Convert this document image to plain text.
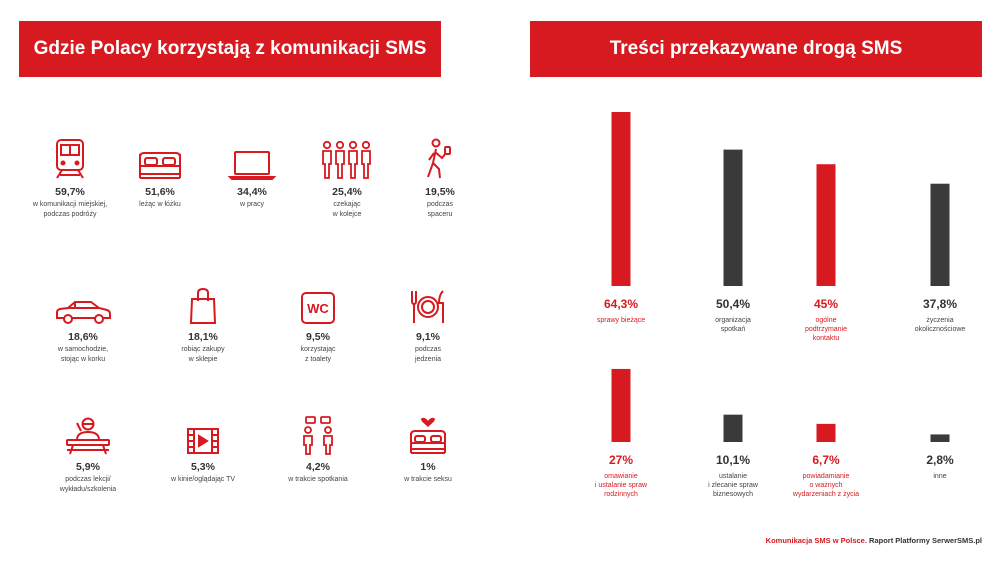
Gdzie Polacy korzystają z komunikacji SMS	Treści przekazywane drogą SMS
59,7%
w komunikacji miejskiej,
podczas podróży
51,6%
leżąc w łóżku
34,4%
w pracy
25,4%
czekając
w kolejce
19,5%
podczas
spaceru
18,6%
w samochodzie,
stojąc w korku
18,1%
robiąc zakupy
w sklepie
WC
9,5%
korzystając
z toalety
9,1%
podczas
jedzenia
5,9%
podczas lekcji/
wykładu/szkolenia
5,3%
w kinie/oglądając TV
4,2%
w trakcie spotkania
1%
w trakcie seksu
64,3%
sprawy bieżące
50,4%
organizacja
spotkań
45%
ogólne
podtrzymanie
kontaktu
37,8%
życzenia
okolicznościowe
27%
omawianie
i ustalanie spraw
rodzinnych
10,1%
ustalanie
i zlecanie spraw
biznesowych
6,7%
powiadamianie
o ważnych
wydarzeniach z życia
2,8%
inne
Komunikacja SMS w Polsce. Raport Platformy SerwerSMS.pl
